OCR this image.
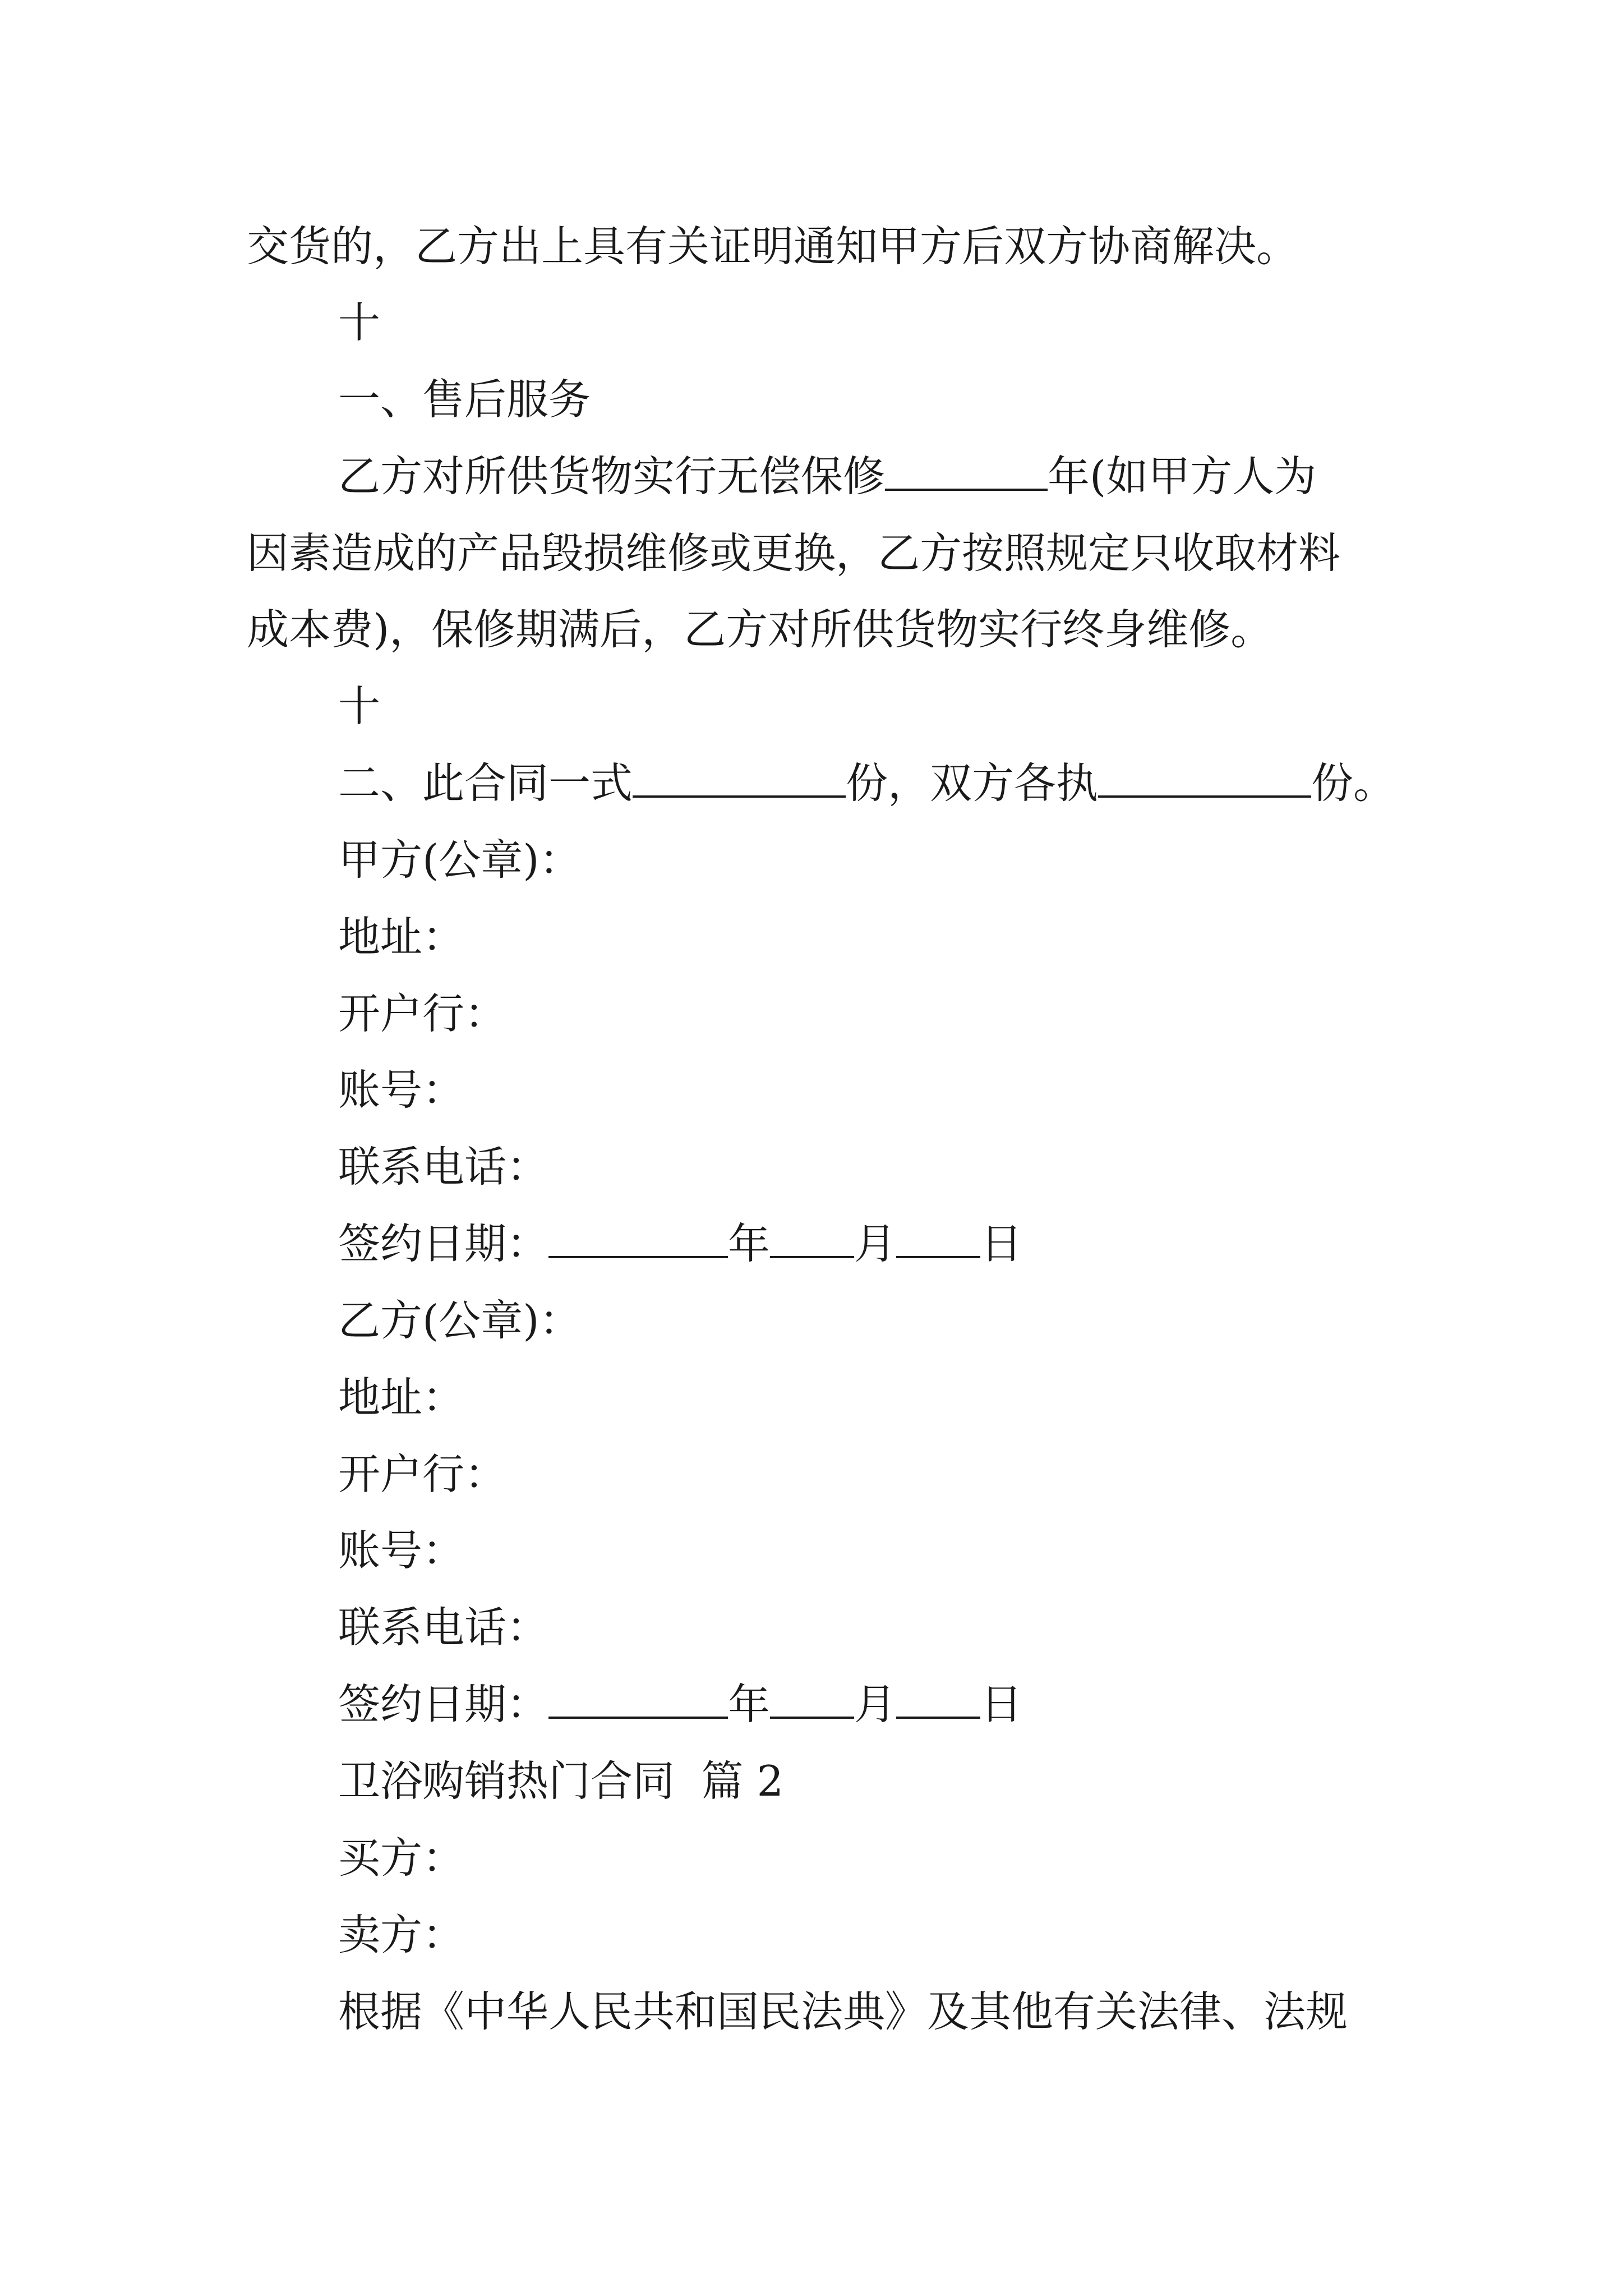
交货的，乙方出上具有关证明通知甲方后双方协商解决。
十
一、售后服务
乙方对所供货物实行无偿保修	年(如甲方人为
因素造成的产品毁损维修或更换，乙方按照规定只收取材料
成本费)，保修期满后，乙方对所供货物实行终身维修。
十
二、此合同一式	份，双方各执	份。
甲方(公章)：
地址：
开户行：
账号：
联系电话：
签约日期：	年 月 日
乙方(公章)：
地址：
开户行：
账号：
联系电话：
签约日期：	年 月 日
卫浴购销热门合同  篇 2
买方：
卖方：
根据《中华人民共和国民法典》及其他有关法律、法规
